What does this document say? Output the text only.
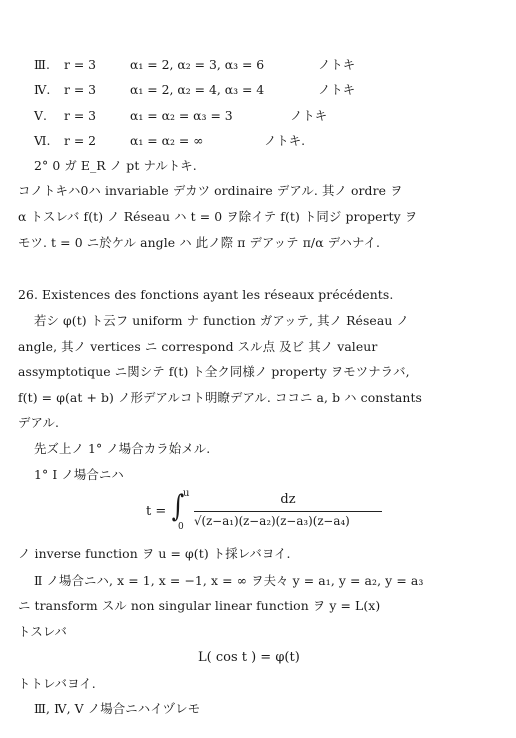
Ⅲ. r = 3	α₁ = 2, α₂ = 3, α₃ = 6	ノトキ
Ⅳ. r = 3	α₁ = 2, α₂ = 4, α₃ = 4	ノトキ
Ⅴ. r = 3	α₁ = α₂ = α₃ = 3	ノトキ
Ⅵ. r = 2	α₁ = α₂ = ∞	ノトキ.
2° 0 ガ E_R ノ pt ナルトキ.
コノトキハ0ハ invariable デカツ ordinaire デアル. 其ノ ordre ヲ
α トスレバ f(t) ノ Réseau ハ t = 0 ヲ除イテ f(t) ト同ジ property ヲ
モツ. t = 0 ニ於ケル angle ハ 此ノ際 π デアッテ π/α デハナイ.
26. Existences des fonctions ayant les réseaux précédents.
若シ φ(t) ト云フ uniform ナ function ガアッテ, 其ノ Réseau ノ
angle, 其ノ vertices ニ correspond スル点 及ビ 其ノ valeur
assymptotique ニ関シテ f(t) ト全ク同様ノ property ヲモツナラバ,
f(t) = φ(at + b) ノ形デアルコト明瞭デアル. ココニ a, b ハ constants
デアル.
先ズ上ノ 1° ノ場合カラ始メル.
1° Ⅰ ノ場合ニハ
t = ∫
u
0
dz
√(z−a₁)(z−a₂)(z−a₃)(z−a₄)
ノ inverse function ヲ u = φ(t) ト採レバヨイ.
Ⅱ ノ場合ニハ, x = 1, x = −1, x = ∞ ヲ夫々 y = a₁, y = a₂, y = a₃
ニ transform スル non singular linear function ヲ y = L(x)
トスレバ
L( cos t ) = φ(t)
トトレバヨイ.
Ⅲ, Ⅳ, Ⅴ ノ場合ニハイヅレモ
